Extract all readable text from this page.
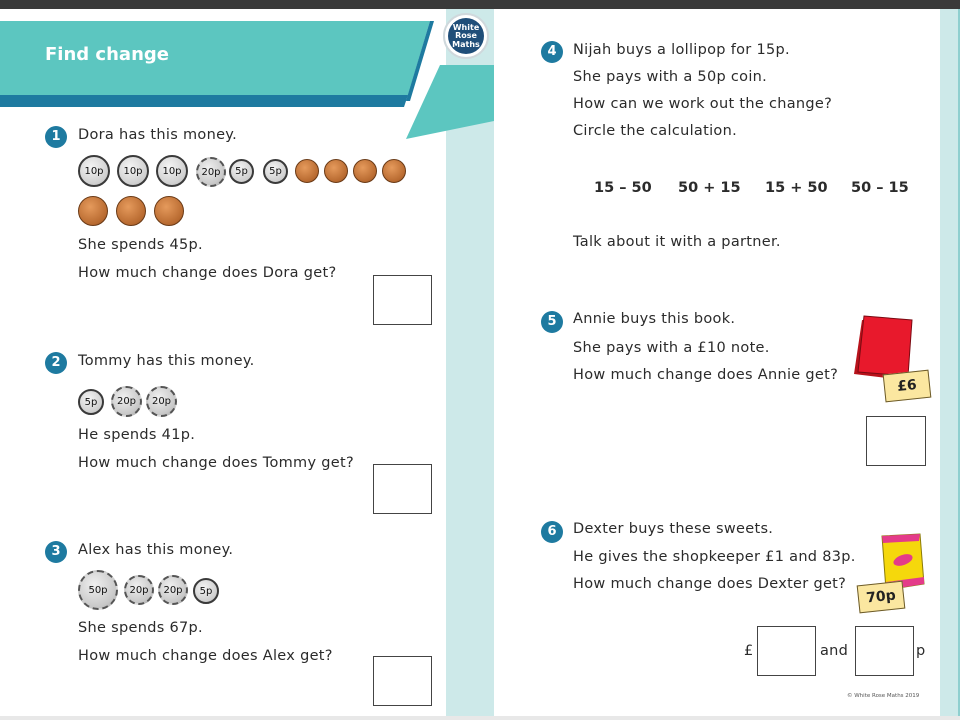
Find change
White
Rose
Maths
1	Dora has this money.
10p	10p	10p	20p	5p	5p
She spends 45p.
How much change does Dora get?
2	Tommy has this money.
5p	20p	20p
He spends 41p.
How much change does Tommy get?
3	Alex has this money.
50p	20p	20p	5p
She spends 67p.
How much change does Alex get?
4	Nijah buys a lollipop for 15p.
She pays with a 50p coin.
How can we work out the change?
Circle the calculation.
15 – 50 50 + 15 15 + 50 50 – 15
Talk about it with a partner.
5	Annie buys this book.
She pays with a £10 note.
How much change does Annie get?
£6
6	Dexter buys these sweets.
He gives the shopkeeper £1 and 83p.
How much change does Dexter get?
70p
£	and	p
© White Rose Maths 2019
